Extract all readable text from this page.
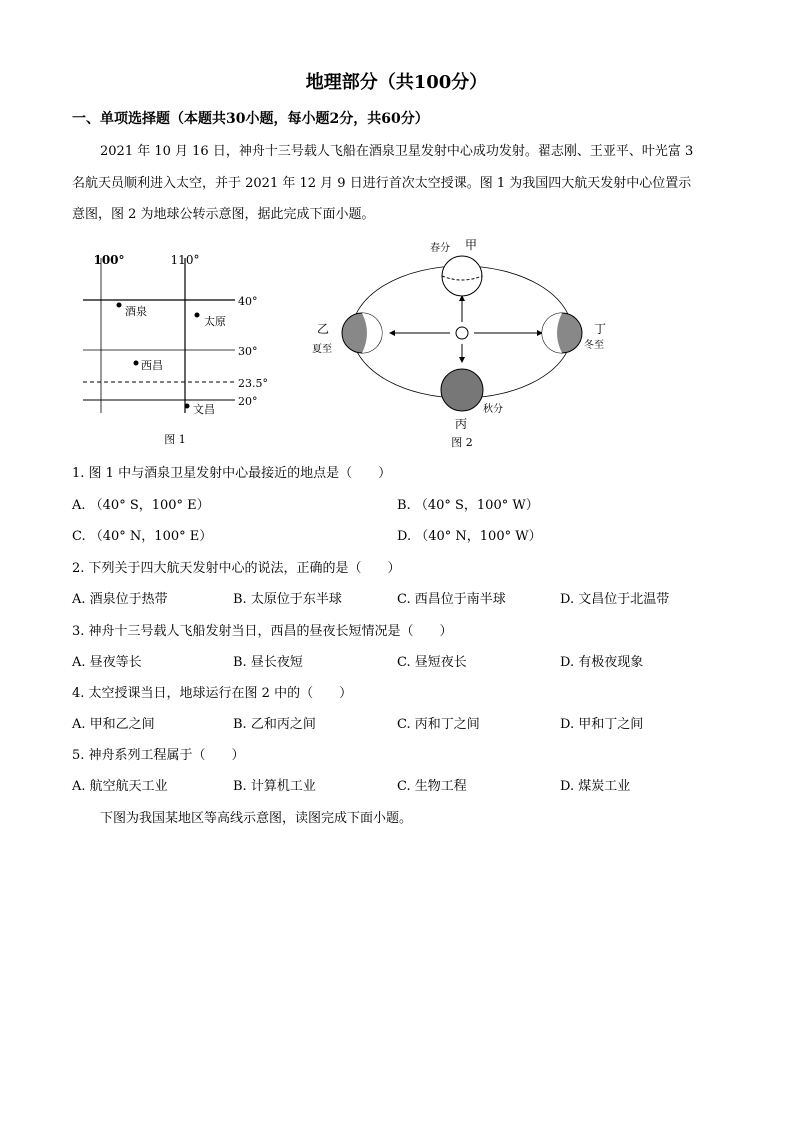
地理部分（共100分）
一、单项选择题（本题共30小题，每小题2分，共60分）
2021 年 10 月 16 日，神舟十三号载人飞船在酒泉卫星发射中心成功发射。翟志刚、王亚平、叶光富 3
名航天员顺利进入太空，并于 2021 年 12 月 9 日进行首次太空授课。图 1 为我国四大航天发射中心位置示
意图，图 2 为地球公转示意图，据此完成下面小题。
100°	110°
40°
30°
23.5°
20°
酒泉
太原
西昌
文昌
图 1
甲
春分
乙
夏至
丙
秋分
丁
冬至
图 2
1. 图 1 中与酒泉卫星发射中心最接近的地点是（　　）
A. （40° S，100° E）	B. （40° S，100° W）
C. （40° N，100° E）	D. （40° N，100° W）
2. 下列关于四大航天发射中心的说法，正确的是（　　）
A. 酒泉位于热带	B. 太原位于东半球	C. 西昌位于南半球	D. 文昌位于北温带
3. 神舟十三号载人飞船发射当日，西昌的昼夜长短情况是（　　）
A. 昼夜等长	B. 昼长夜短	C. 昼短夜长	D. 有极夜现象
4. 太空授课当日，地球运行在图 2 中的（　　）
A. 甲和乙之间	B. 乙和丙之间	C. 丙和丁之间	D. 甲和丁之间
5. 神舟系列工程属于（　　）
A. 航空航天工业	B. 计算机工业	C. 生物工程	D. 煤炭工业
下图为我国某地区等高线示意图，读图完成下面小题。
